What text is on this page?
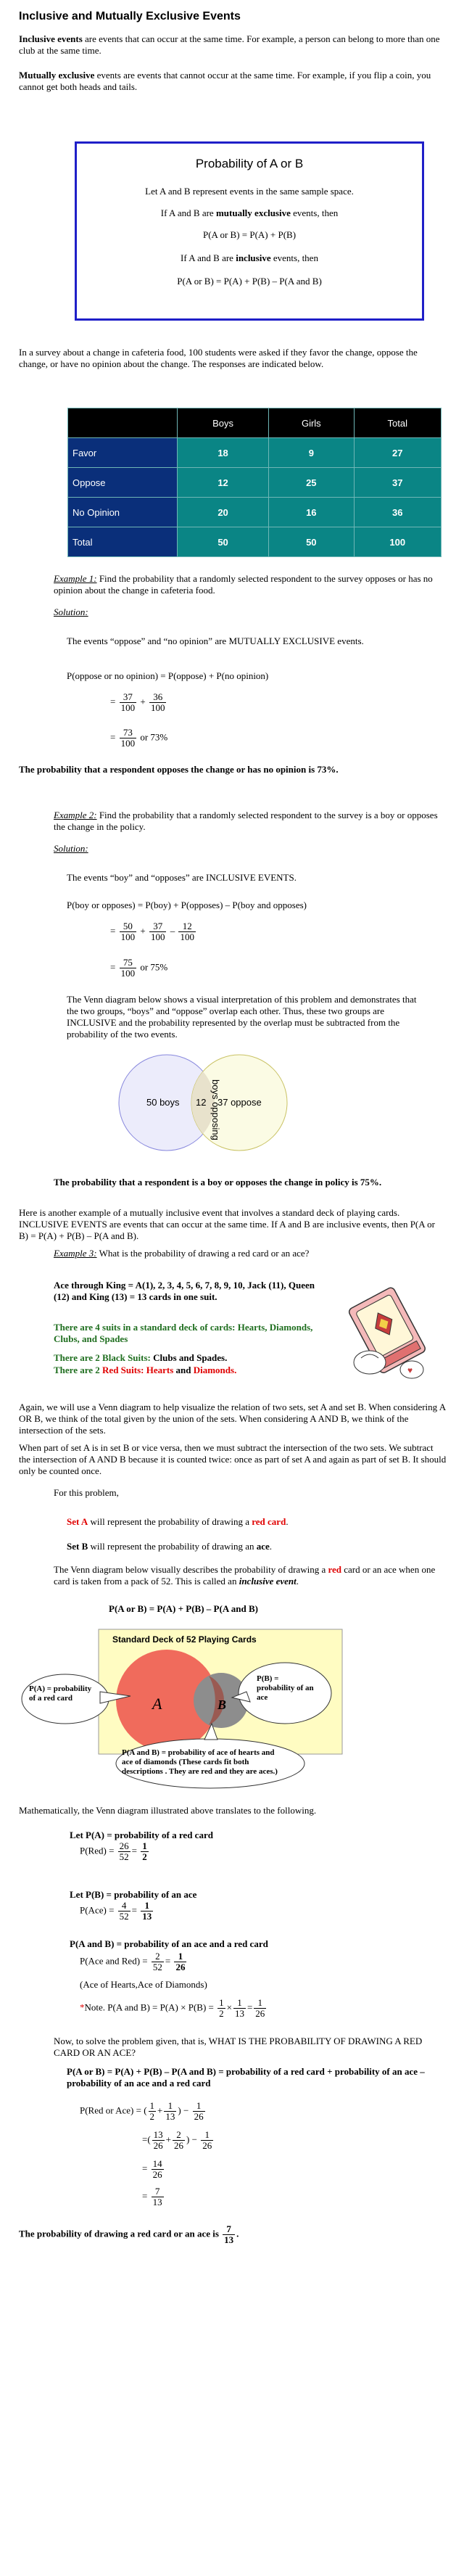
Inclusive and Mutually Exclusive Events
Inclusive events are events that can occur at the same time. For example, a person can belong to more than one club at the same time.
Mutually exclusive events are events that cannot occur at the same time. For example, if you flip a coin, you cannot get both heads and tails.
Probability of A or B
Let A and B represent events in the same sample space.
If A and B are mutually exclusive events, then
P(A or B) = P(A) + P(B)
If A and B are inclusive events, then
P(A or B) = P(A) + P(B) – P(A and B)
In a survey about a change in cafeteria food, 100 students were asked if they favor the change, oppose the change, or have no opinion about the change. The responses are indicated below.
	Boys	Girls	Total
Favor	18	9	27
Oppose	12	25	37
No Opinion	20	16	36
Total	50	50	100
Example 1: Find the probability that a randomly selected respondent to the survey opposes or has no opinion about the change in cafeteria food.
Solution:
The events “oppose” and “no opinion” are MUTUALLY EXCLUSIVE events.
P(oppose or no opinion) = P(oppose) + P(no opinion)
= $\frac{37}{100} + \frac{36}{100}$
= $\frac{73}{100}$ or 73%
The probability that a respondent opposes the change or has no opinion is 73%.
Example 2: Find the probability that a randomly selected respondent to the survey is a boy or opposes the change in the policy.
Solution:
The events “boy” and “opposes” are INCLUSIVE EVENTS.
P(boy or opposes) = P(boy) + P(opposes) – P(boy and opposes)
= $\frac{50}{100} + \frac{37}{100} - \frac{12}{100}$
= $\frac{75}{100}$ or 75%
The Venn diagram below shows a visual interpretation of this problem and demonstrates that the two groups, “boys” and “oppose” overlap each other. Thus, these two groups are INCLUSIVE and the probability represented by the overlap must be subtracted from the probability of the two events.
50 boys 12 boys opposing
37 oppose
The probability that a respondent is a boy or opposes the change in policy is 75%.
Here is another example of a mutually inclusive event that involves a standard deck of playing cards. INCLUSIVE EVENTS are events that can occur at the same time. If A and B are inclusive events, then P(A or B) = P(A) + P(B) – P(A and B).
Example 3: What is the probability of drawing a red card or an ace?
Ace through King = A(1), 2, 3, 4, 5, 6, 7, 8, 9, 10, Jack (11), Queen (12) and King (13) = 13 cards in one suit.
There are 4 suits in a standard deck of cards: Hearts, Diamonds, Clubs, and Spades
There are 2 Black Suits: Clubs and Spades.
There are 2 Red Suits: Hearts and Diamonds.	♥
Again, we will use a Venn diagram to help visualize the relation of two sets, set A and set B. When considering A OR B, we think of the total given by the union of the sets. When considering A AND B, we think of the intersection of the sets.
When part of set A is in set B or vice versa, then we must subtract the intersection of the two sets. We subtract the intersection of A AND B because it is counted twice: once as part of set A and again as part of set B. It should only be counted once.
For this problem,
Set A will represent the probability of drawing a red card.
Set B will represent the probability of drawing an ace.
The Venn diagram below visually describes the probability of drawing a red card or an ace when one card is taken from a pack of 52. This is called an inclusive event.
P(A or B) = P(A) + P(B) – P(A and B)
Standard Deck of 52 Playing Cards
A	B
P(A) = probability of a red card
P(B) = probability of an ace
P(A and B) = probability of ace of hearts and ace of diamonds (These cards fit both descriptions . They are red and they are aces.)
Mathematically, the Venn diagram illustrated above translates to the following.
Let P(A) = probability of a red card
$P(Red) = \frac{26}{52} = \frac{1}{2}$
Let P(B) = probability of an ace
$P(Ace) = \frac{4}{52} = \frac{1}{13}$
P(A and B) = probability of an ace and a red card
P(Ace and $Red) = \frac{2}{52} = \frac{1}{26}$
(Ace of Hearts,Ace of Diamonds)
*Note. P(A and $B) = P(A) \times P(B) = \frac{1}{2} \times \frac{1}{13} = \frac{1}{26}$
Now, to solve the problem given, that is, WHAT IS THE PROBABILITY OF DRAWING A RED CARD OR AN ACE?
P(A or B) = P(A) + P(B) – P(A and B) = probability of a red card + probability of an ace – probability of an ace and a red card
P(Red or Ace) = ( $\frac{1}{2} + \frac{1}{13}$ ) − $\frac{1}{26}$
=( $\frac{13}{26} + \frac{2}{26}$ ) − $\frac{1}{26}$
= $\frac{14}{26}$
= $\frac{7}{13}$
The probability of drawing a red card or an ace is $\frac{7}{13}$ .
